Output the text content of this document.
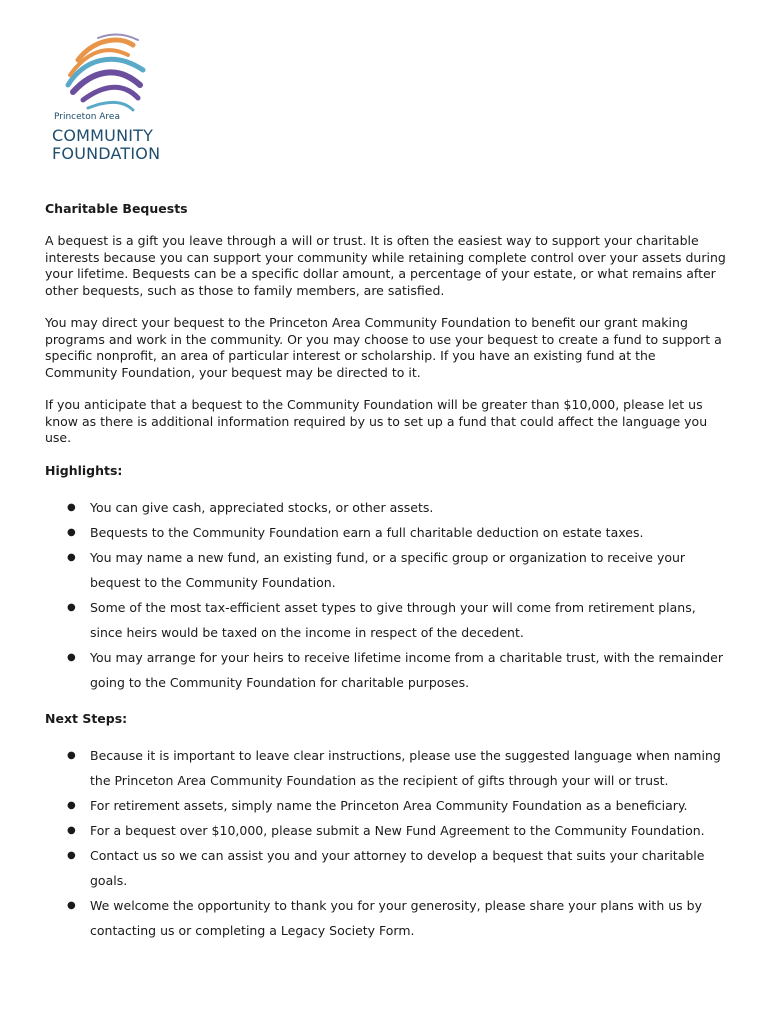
Princeton Area
COMMUNITY
FOUNDATION
Charitable Bequests

A bequest is a gift you leave through a will or trust. It is often the easiest way to support your charitable interests because you can support your community while retaining complete control over your assets during your lifetime. Bequests can be a specific dollar amount, a percentage of your estate, or what remains after other bequests, such as those to family members, are satisfied.

You may direct your bequest to the Princeton Area Community Foundation to benefit our grant making programs and work in the community. Or you may choose to use your bequest to create a fund to support a specific nonprofit, an area of particular interest or scholarship. If you have an existing fund at the Community Foundation, your bequest may be directed to it.

If you anticipate that a bequest to the Community Foundation will be greater than $10,000, please let us know as there is additional information required by us to set up a fund that could affect the language you use.

Highlights:
● You can give cash, appreciated stocks, or other assets.
● Bequests to the Community Foundation earn a full charitable deduction on estate taxes.
● You may name a new fund, an existing fund, or a specific group or organization to receive your bequest to the Community Foundation.
● Some of the most tax-efficient asset types to give through your will come from retirement plans, since heirs would be taxed on the income in respect of the decedent.
● You may arrange for your heirs to receive lifetime income from a charitable trust, with the remainder going to the Community Foundation for charitable purposes.
Next Steps:
● Because it is important to leave clear instructions, please use the suggested language when naming the Princeton Area Community Foundation as the recipient of gifts through your will or trust.
● For retirement assets, simply name the Princeton Area Community Foundation as a beneficiary.
● For a bequest over $10,000, please submit a New Fund Agreement to the Community Foundation.
● Contact us so we can assist you and your attorney to develop a bequest that suits your charitable goals.
● We welcome the opportunity to thank you for your generosity, please share your plans with us by contacting us or completing a Legacy Society Form.
